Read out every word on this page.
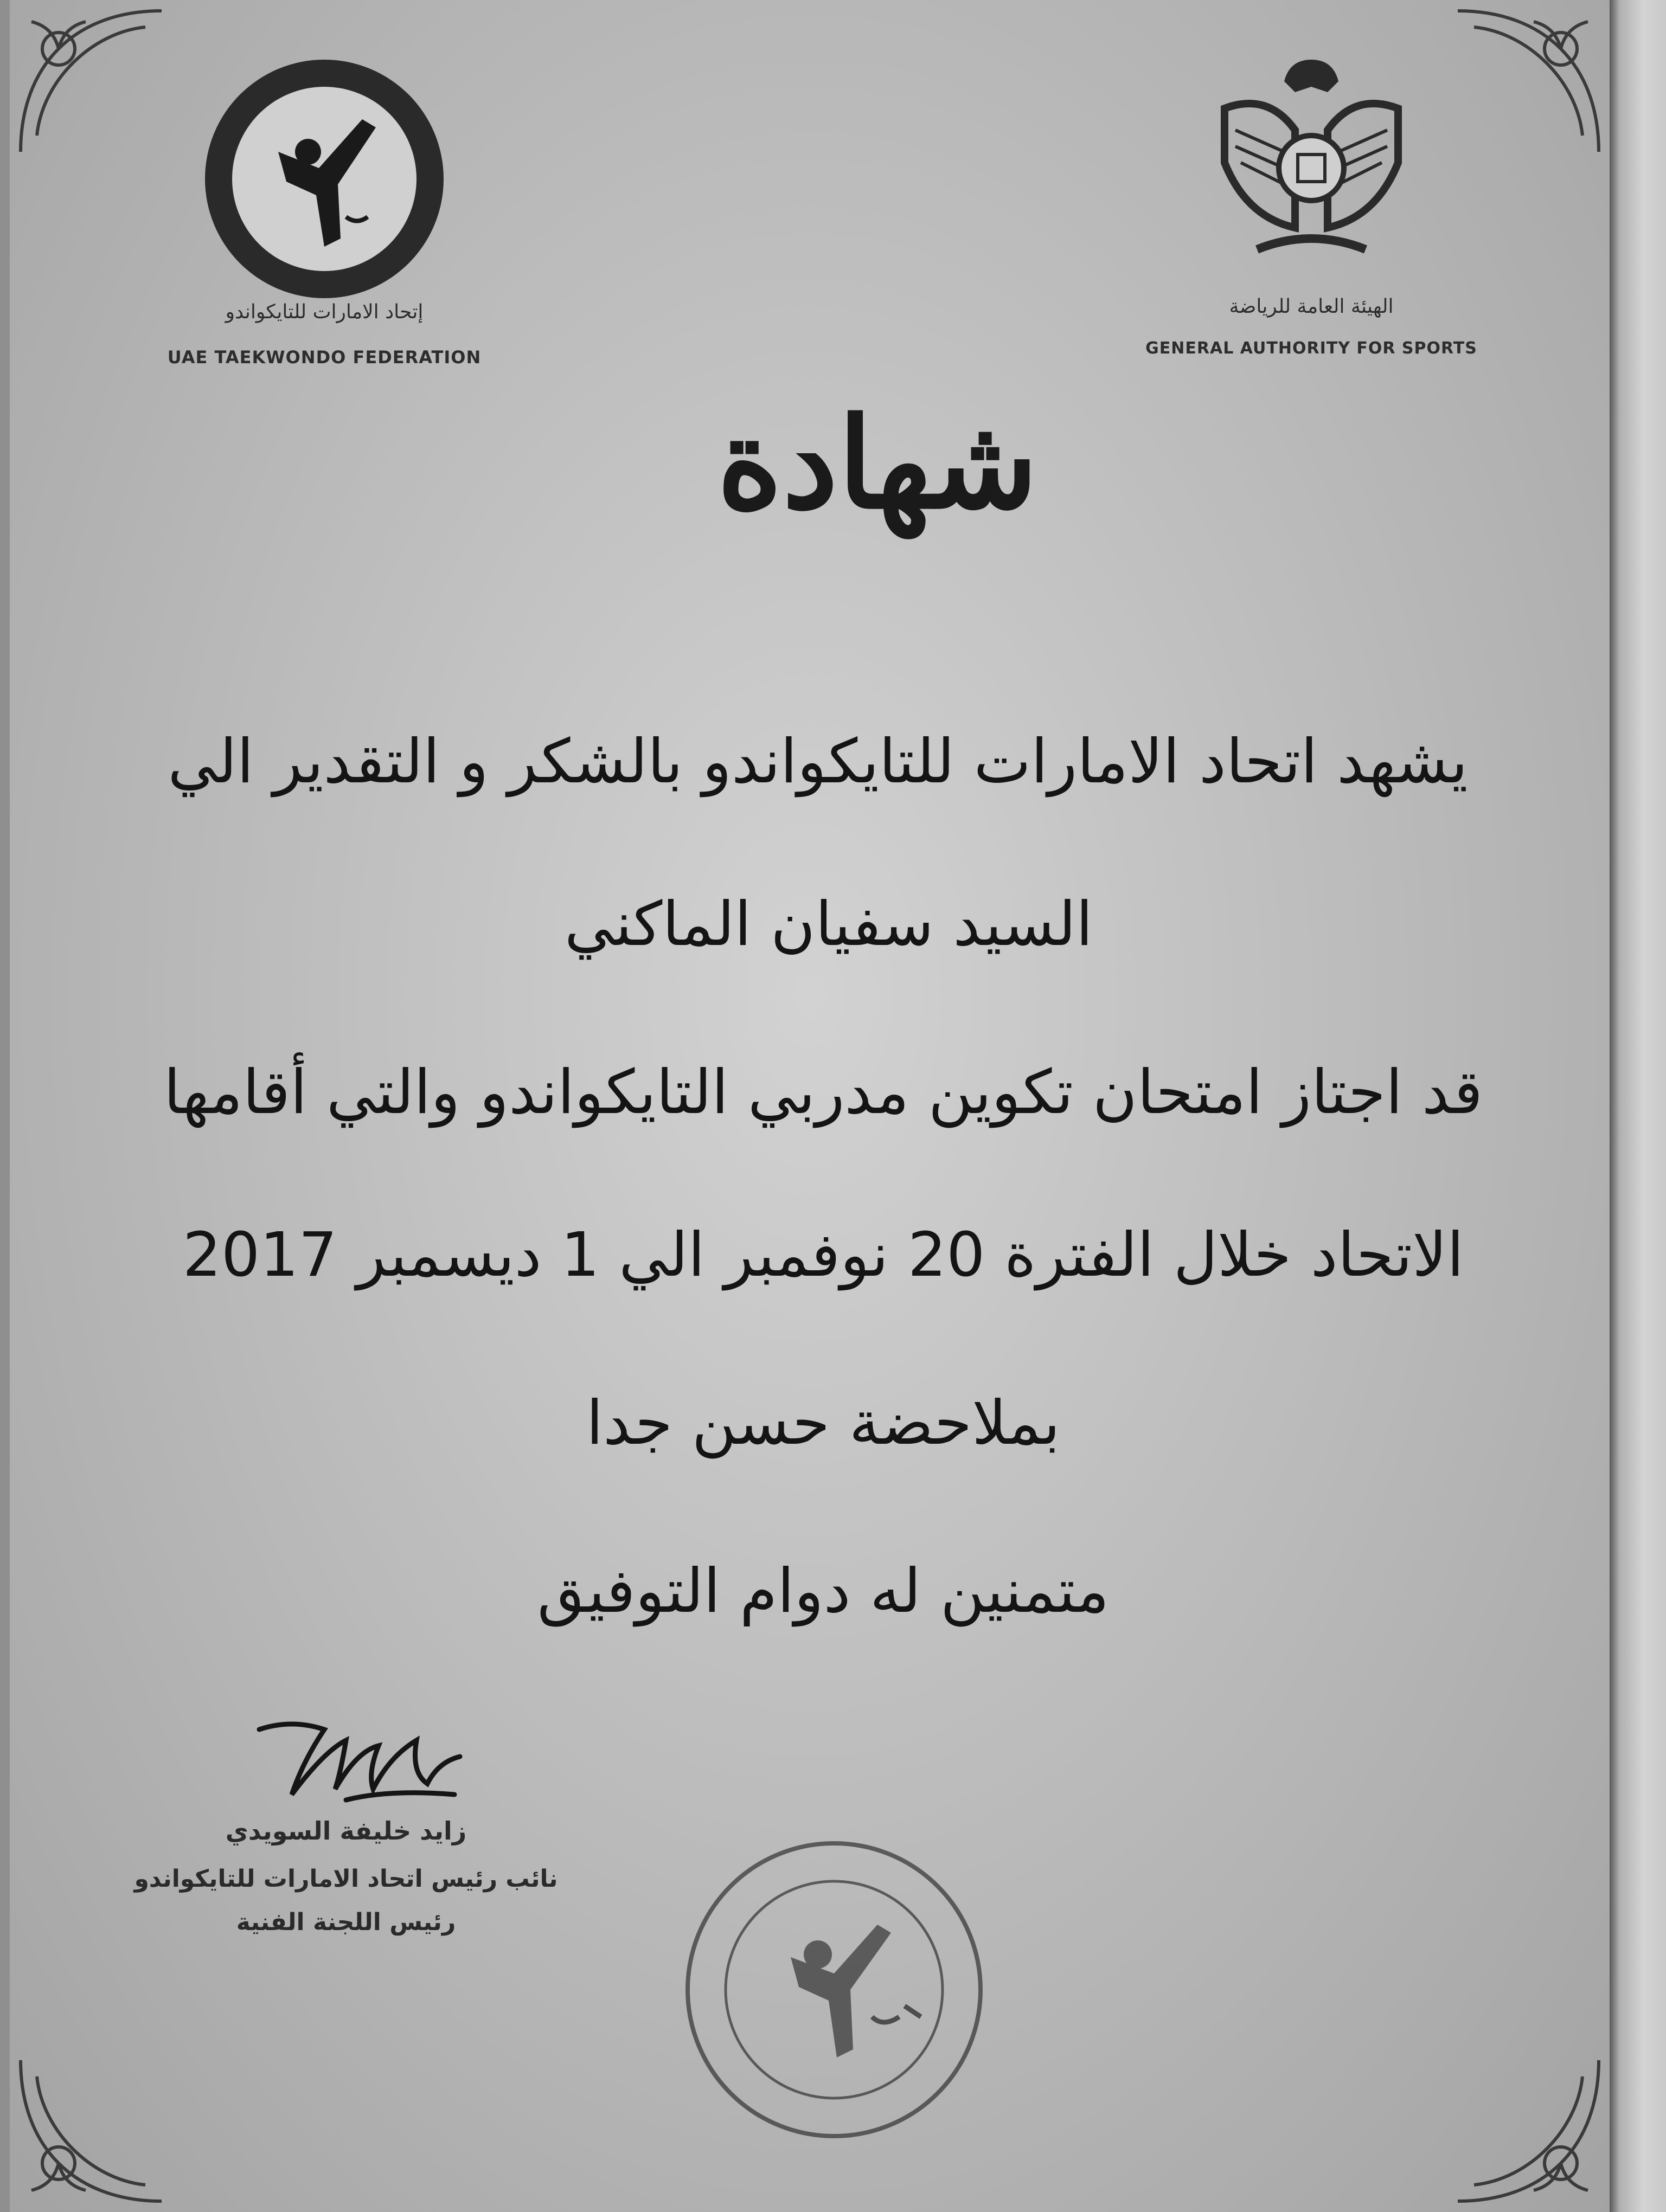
● ● ●
إتحاد الامارات للتايكواندو
UAE TAEKWONDO FEDERATION
الهيئة العامة للرياضة
GENERAL AUTHORITY FOR SPORTS
شهادة
يشهد اتحاد الامارات للتايكواندو بالشكر و التقدير الي
السيد سفيان الماكني
قد اجتاز امتحان تكوين مدربي التايكواندو والتي أقامها
الاتحاد خلال الفترة 20 نوفمبر الي 1 ديسمبر 2017
بملاحضة حسن جدا
متمنين له دوام التوفيق
زايد خليفة السويدي
نائب رئيس اتحاد الامارات للتايكواندو
رئيس اللجنة الفنية
